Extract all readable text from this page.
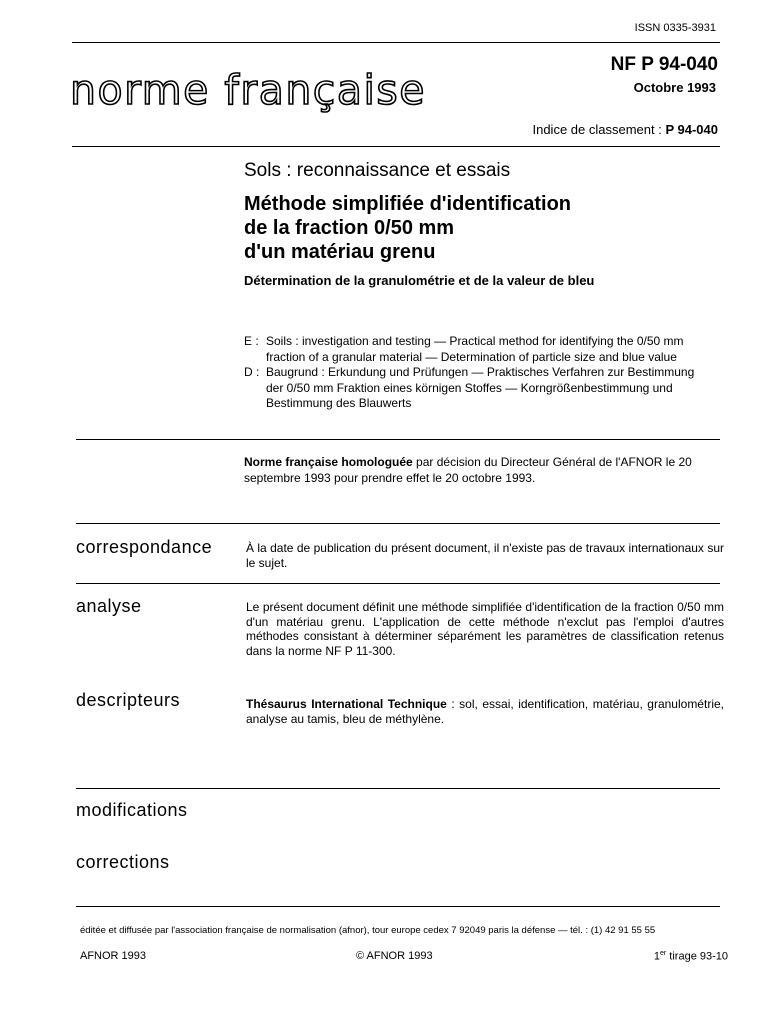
ISSN 0335-3931
norme française
NF P 94-040
Octobre 1993
Indice de classement : P 94-040
Sols : reconnaissance et essais
Méthode simplifiée d'identification
de la fraction 0/50 mm
d'un matériau grenu
Détermination de la granulométrie et de la valeur de bleu
E : Soils : investigation and testing — Practical method for identifying the 0/50 mm fraction of a granular material — Determination of particle size and blue value
D : Baugrund : Erkundung und Prüfungen — Praktisches Verfahren zur Bestimmung der 0/50 mm Fraktion eines körnigen Stoffes — Korngrößenbestimmung und Bestimmung des Blauwerts
Norme française homologuée par décision du Directeur Général de l'AFNOR le 20 septembre 1993 pour prendre effet le 20 octobre 1993.
correspondance	À la date de publication du présent document, il n'existe pas de travaux internationaux sur le sujet.
analyse	Le présent document définit une méthode simplifiée d'identification de la fraction 0/50 mm d'un matériau grenu. L'application de cette méthode n'exclut pas l'emploi d'autres méthodes consistant à déterminer séparément les paramètres de classification retenus dans la norme NF P 11-300.
descripteurs	Thésaurus International Technique : sol, essai, identification, matériau, granulométrie, analyse au tamis, bleu de méthylène.
modifications
corrections
éditée et diffusée par l'association française de normalisation (afnor), tour europe cedex 7 92049 paris la défense — tél. : (1) 42 91 55 55
AFNOR 1993	© AFNOR 1993	1er tirage 93-10
